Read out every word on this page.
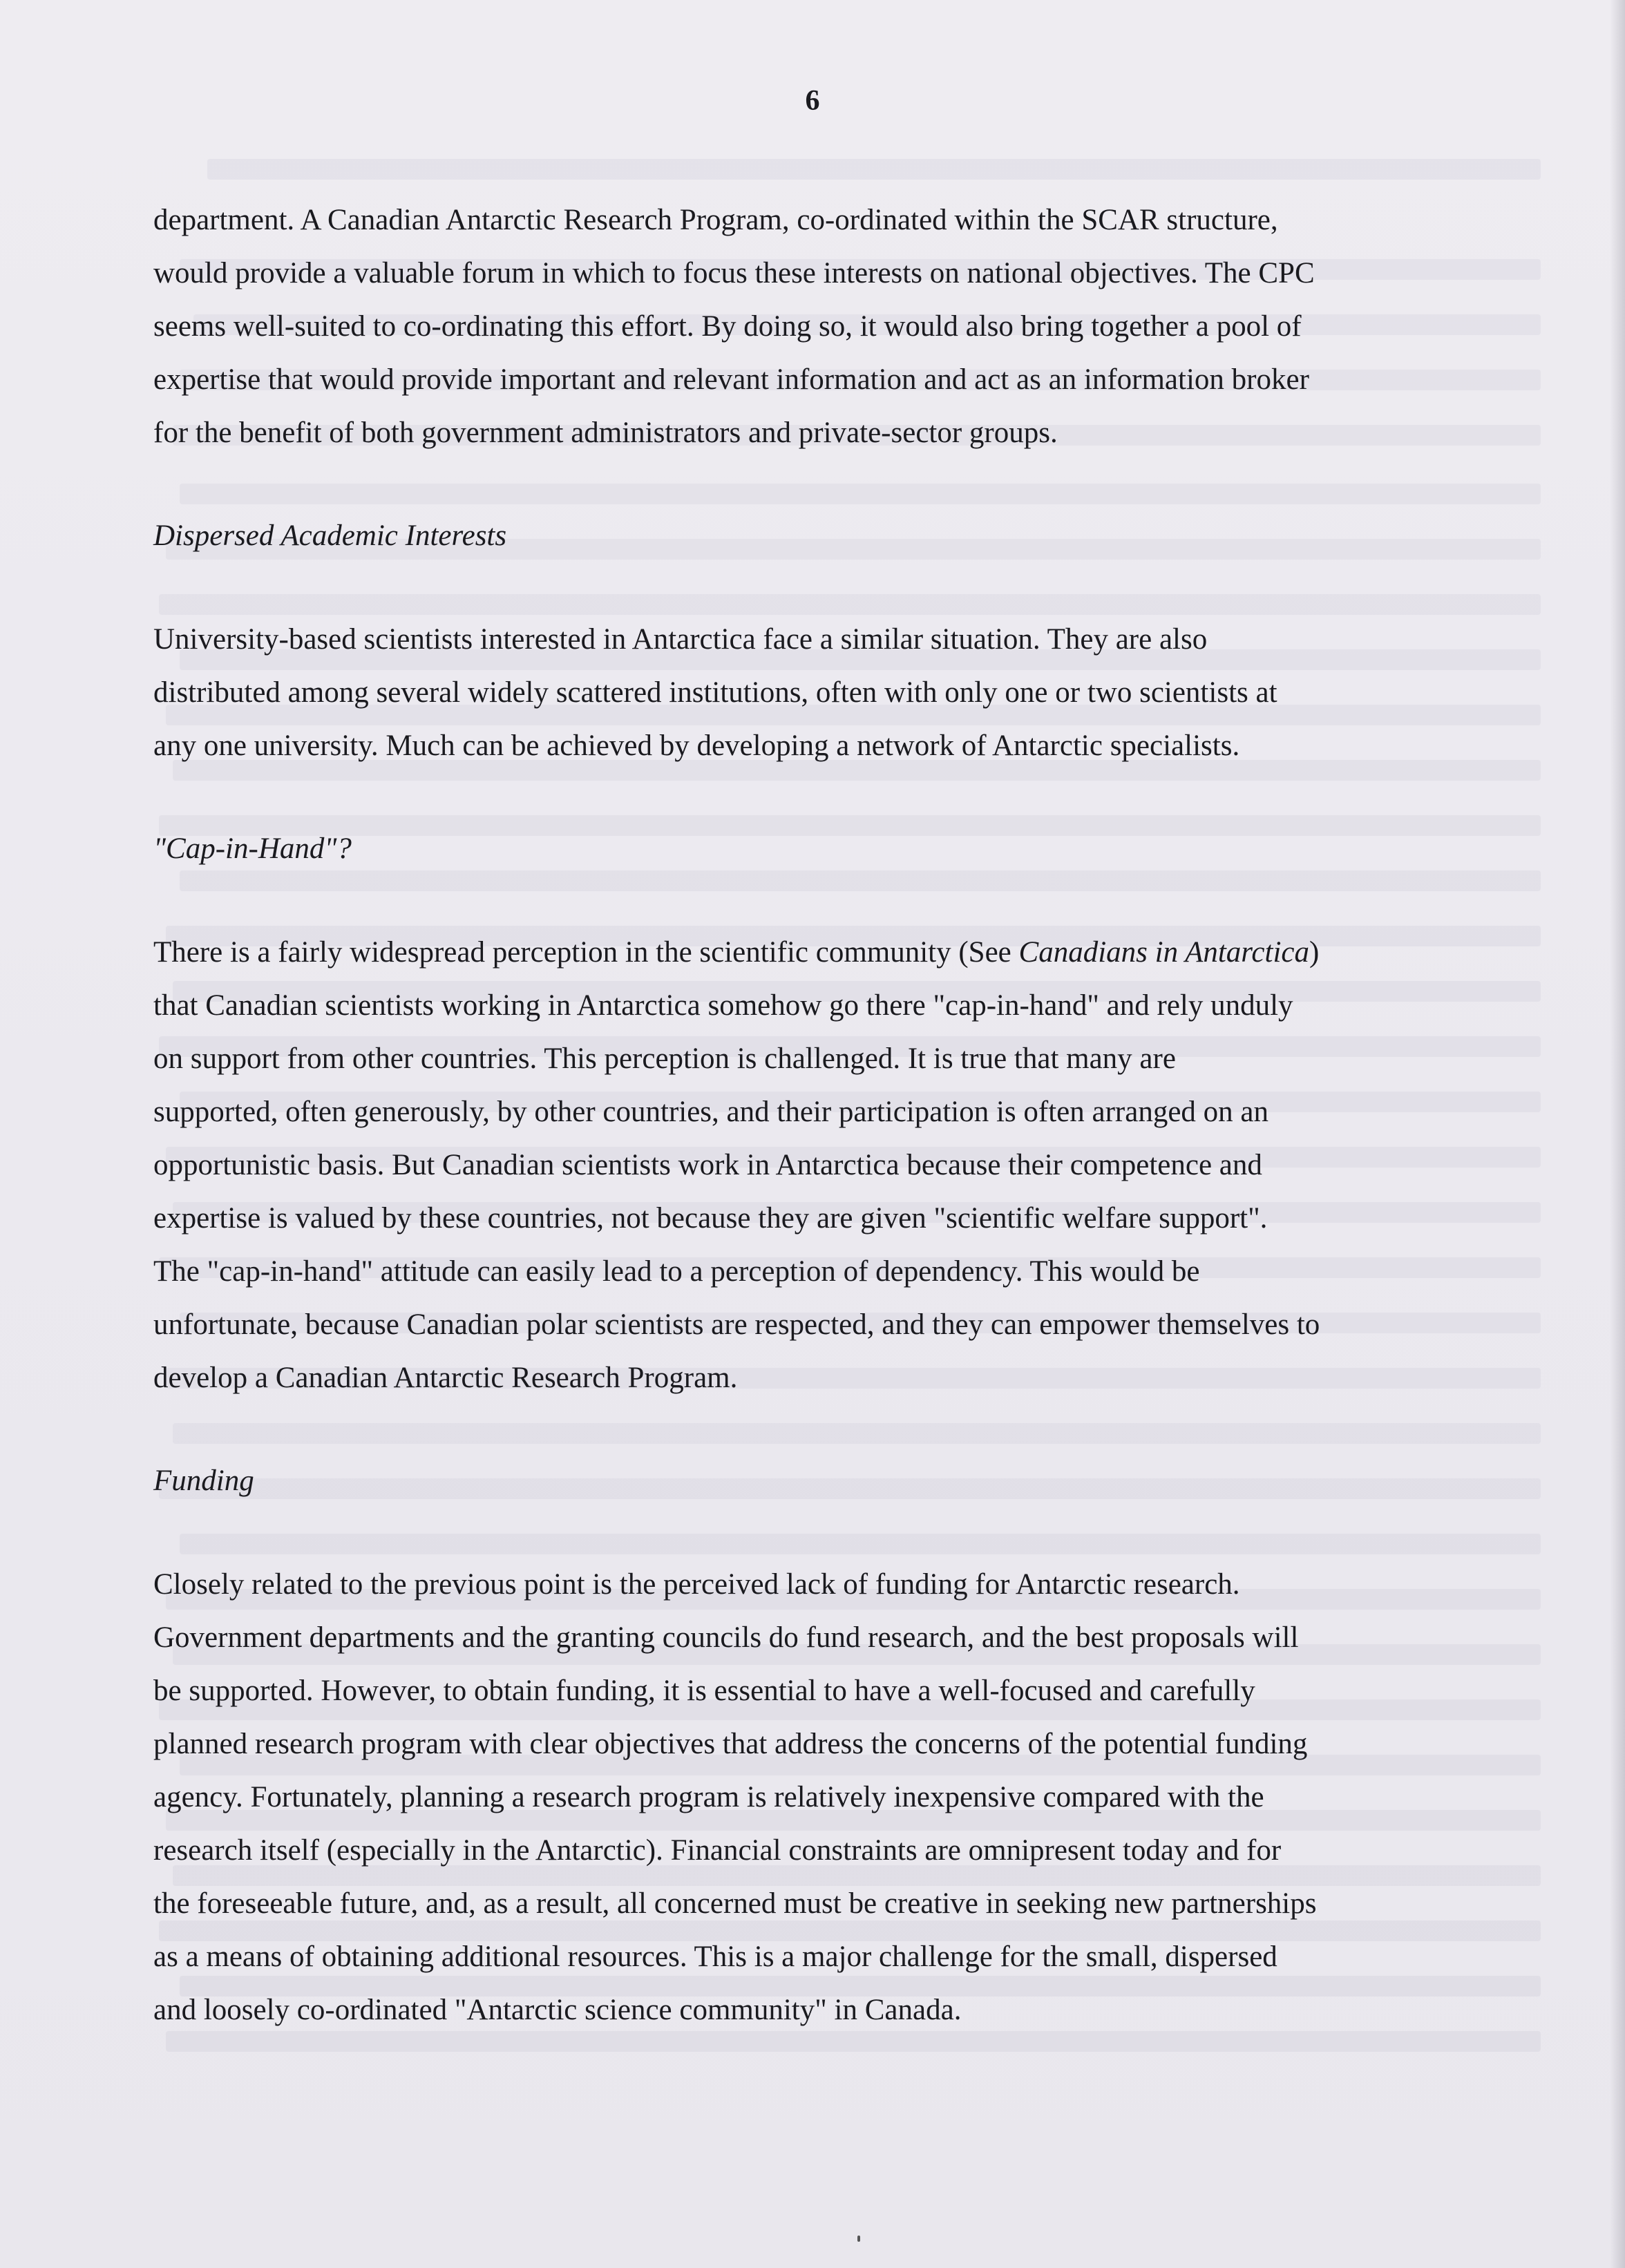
6

department. A Canadian Antarctic Research Program, co-ordinated within the SCAR structure,
would provide a valuable forum in which to focus these interests on national objectives. The CPC
seems well-suited to co-ordinating this effort. By doing so, it would also bring together a pool of
expertise that would provide important and relevant information and act as an information broker
for the benefit of both government administrators and private-sector groups.

Dispersed Academic Interests

University-based scientists interested in Antarctica face a similar situation. They are also
distributed among several widely scattered institutions, often with only one or two scientists at
any one university. Much can be achieved by developing a network of Antarctic specialists.

"Cap-in-Hand"?

There is a fairly widespread perception in the scientific community (See Canadians in Antarctica)
that Canadian scientists working in Antarctica somehow go there "cap-in-hand" and rely unduly
on support from other countries. This perception is challenged. It is true that many are
supported, often generously, by other countries, and their participation is often arranged on an
opportunistic basis. But Canadian scientists work in Antarctica because their competence and
expertise is valued by these countries, not because they are given "scientific welfare support".
The "cap-in-hand" attitude can easily lead to a perception of dependency. This would be
unfortunate, because Canadian polar scientists are respected, and they can empower themselves to
develop a Canadian Antarctic Research Program.

Funding

Closely related to the previous point is the perceived lack of funding for Antarctic research.
Government departments and the granting councils do fund research, and the best proposals will
be supported. However, to obtain funding, it is essential to have a well-focused and carefully
planned research program with clear objectives that address the concerns of the potential funding
agency. Fortunately, planning a research program is relatively inexpensive compared with the
research itself (especially in the Antarctic). Financial constraints are omnipresent today and for
the foreseeable future, and, as a result, all concerned must be creative in seeking new partnerships
as a means of obtaining additional resources. This is a major challenge for the small, dispersed
and loosely co-ordinated "Antarctic science community" in Canada.
